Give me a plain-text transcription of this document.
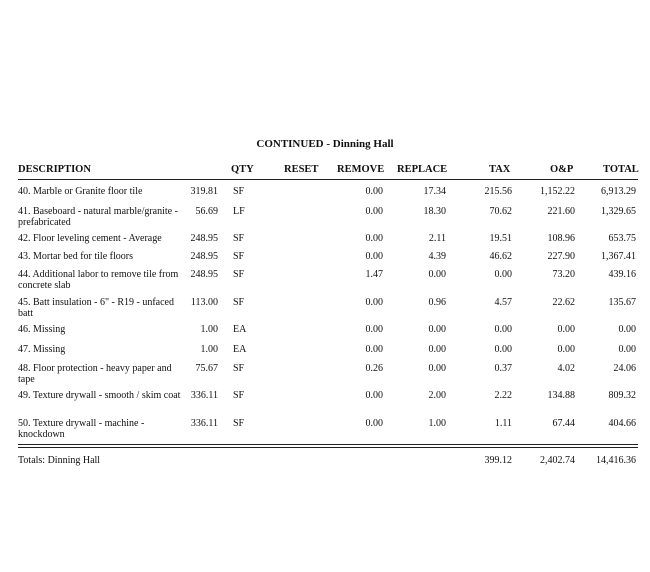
CONTINUED - Dinning Hall
DESCRIPTION	QTY	RESET REMOVE REPLACE	TAX	O&P	TOTAL
40. Marble or Granite floor tile	319.81 SF	0.00	17.34	215.56	1,152.22	6,913.29
41. Baseboard - natural marble/granite - prefabricated
56.69 LF	0.00	18.30	70.62	221.60	1,329.65
42. Floor leveling cement - Average	248.95 SF	0.00	2.11	19.51	108.96	653.75
43. Mortar bed for tile floors	248.95 SF	0.00	4.39	46.62	227.90	1,367.41
44. Additional labor to remove tile from concrete slab
248.95 SF	1.47	0.00	0.00	73.20	439.16
45. Batt insulation - 6" - R19 - unfaced batt
113.00 SF	0.00	0.96	4.57	22.62	135.67
46. Missing	1.00 EA	0.00	0.00	0.00	0.00	0.00
47. Missing	1.00 EA	0.00	0.00	0.00	0.00	0.00
48. Floor protection - heavy paper and tape
75.67 SF	0.26	0.00	0.37	4.02	24.06
49. Texture drywall - smooth / skim coat	336.11 SF	0.00	2.00	2.22	134.88	809.32
50. Texture drywall - machine - knockdown
336.11 SF	0.00	1.00	1.11	67.44	404.66
Totals: Dinning Hall	399.12	2,402.74 14,416.36
